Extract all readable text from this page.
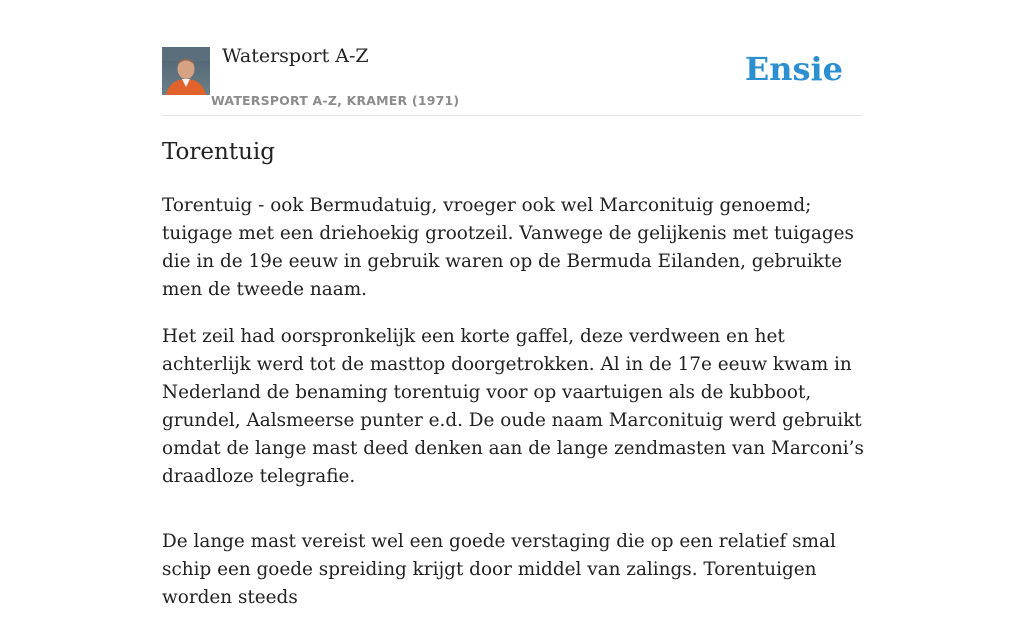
Watersport A-Z
WATERSPORT A-Z, KRAMER (1971)
Ensie
Torentuig

Torentuig - ook Bermudatuig, vroeger ook wel Marconituig genoemd; tuigage met een driehoekig grootzeil. Vanwege de gelijkenis met tuigages die in de 19e eeuw in gebruik waren op de Bermuda Eilanden, gebruikte men de tweede naam.

Het zeil had oorspronkelijk een korte gaffel, deze verdween en het achterlijk werd tot de masttop doorgetrokken. Al in de 17e eeuw kwam in Nederland de benaming torentuig voor op vaartuigen als de kubboot, grundel, Aalsmeerse punter e.d. De oude naam Marconituig werd gebruikt omdat de lange mast deed denken aan de lange zendmasten van Marconi’s draadloze telegrafie.

De lange mast vereist wel een goede verstaging die op een relatief smal schip een goede spreiding krijgt door middel van zalings. Torentuigen worden steeds
